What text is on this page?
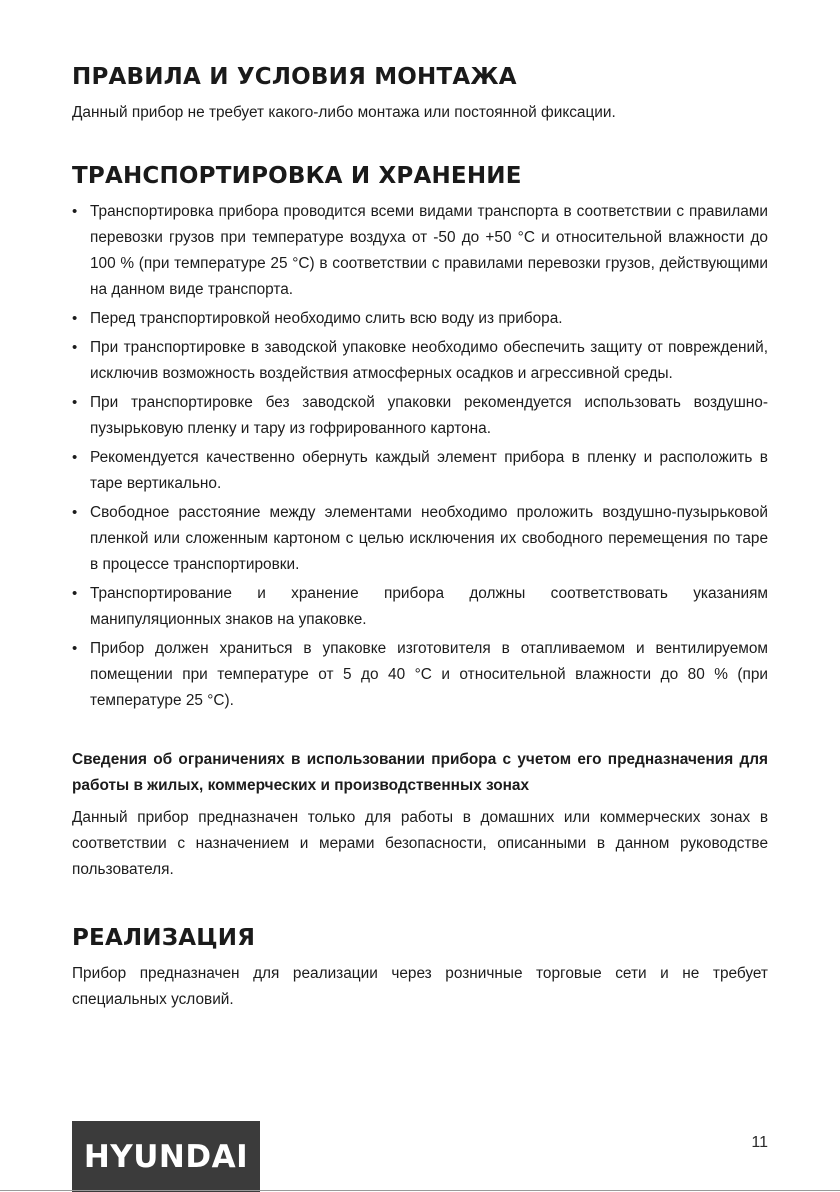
ПРАВИЛА И УСЛОВИЯ МОНТАЖА

Данный прибор не требует какого-либо монтажа или постоянной фиксации.

ТРАНСПОРТИРОВКА И ХРАНЕНИЕ
• Транспортировка прибора проводится всеми видами транспорта в соответствии с правилами перевозки грузов при температуре воздуха от -50 до +50 °С и относительной влажности до 100 % (при температуре 25 °С) в соответствии с правилами перевозки грузов, действующими на данном виде транспорта.
• Перед транспортировкой необходимо слить всю воду из прибора.
• При транспортировке в заводской упаковке необходимо обеспечить защиту от повреждений, исключив возможность воздействия атмосферных осадков и агрессивной среды.
• При транспортировке без заводской упаковки рекомендуется использовать воздушно-пузырьковую пленку и тару из гофрированного картона.
• Рекомендуется качественно обернуть каждый элемент прибора в пленку и расположить в таре вертикально.
• Свободное расстояние между элементами необходимо проложить воздушно-пузырьковой пленкой или сложенным картоном с целью исключения их свободного перемещения по таре в процессе транспортировки.
• Транспортирование и хранение прибора должны соответствовать указаниям манипуляционных знаков на упаковке.
• Прибор должен храниться в упаковке изготовителя в отапливаемом и вентилируемом помещении при температуре от 5 до 40 °С и относительной влажности до 80 % (при температуре 25 °С).
Сведения об ограничениях в использовании прибора с учетом его предназначения для работы в жилых, коммерческих и производственных зонах

Данный прибор предназначен только для работы в домашних или коммерческих зонах в соответствии с назначением и мерами безопасности, описанными в данном руководстве пользователя.

РЕАЛИЗАЦИЯ

Прибор предназначен для реализации через розничные торговые сети и не требует специальных условий.

HYUNDAI	11
